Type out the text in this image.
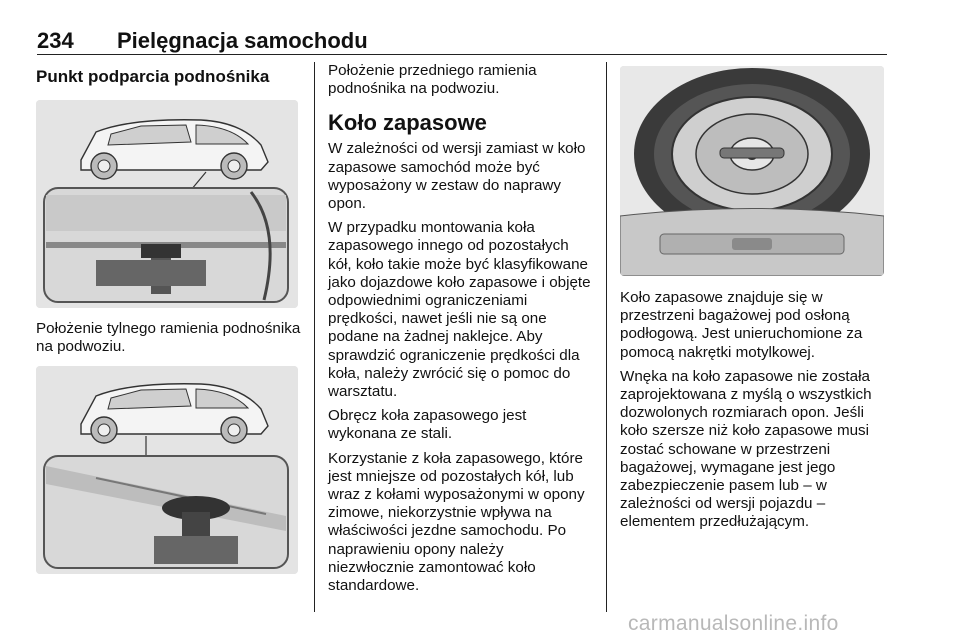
234 Pielęgnacja samochodu
Punkt podparcia podnośnika
Położenie tylnego ramienia podnośnika na podwoziu.

Położenie przedniego ramienia podnośnika na podwoziu.

Koło zapasowe

W zależności od wersji zamiast w koło zapasowe samochód może być wyposażony w zestaw do naprawy opon.

W przypadku montowania koła zapasowego innego od pozostałych kół, koło takie może być klasyfikowane jako dojazdowe koło zapasowe i objęte odpowiednimi ograniczeniami prędkości, nawet jeśli nie są one podane na żadnej naklejce. Aby sprawdzić ograniczenie prędkości dla koła, należy zwrócić się o pomoc do warsztatu.

Obręcz koła zapasowego jest wykonana ze stali.

Korzystanie z koła zapasowego, które jest mniejsze od pozostałych kół, lub wraz z kołami wyposażonymi w opony zimowe, niekorzystnie wpływa na właściwości jezdne samochodu. Po naprawieniu opony należy niezwłocznie zamontować koło standardowe.

Koło zapasowe znajduje się w przestrzeni bagażowej pod osłoną podłogową. Jest unieruchomione za pomocą nakrętki motylkowej.

Wnęka na koło zapasowe nie została zaprojektowana z myślą o wszystkich dozwolonych rozmiarach opon. Jeśli koło szersze niż koło zapasowe musi zostać schowane w przestrzeni bagażowej, wymagane jest jego zabezpieczenie pasem lub – w zależności od wersji pojazdu – elementem przedłużającym.

carmanualsonline.info
